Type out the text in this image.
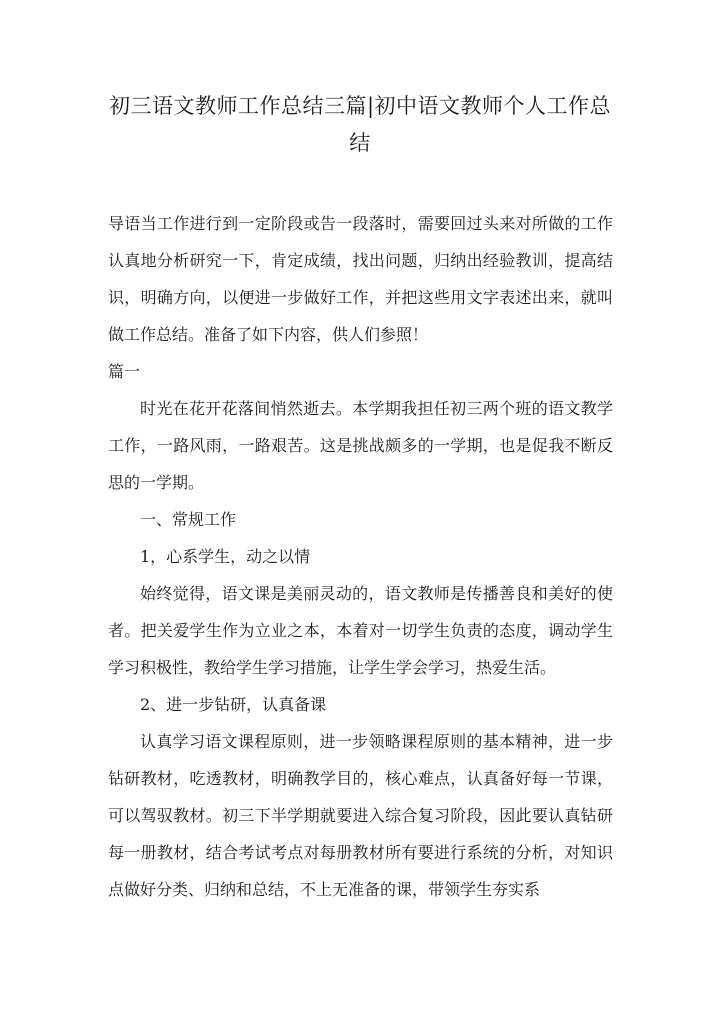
初三语文教师工作总结三篇|初中语文教师个人工作总结

导语当工作进行到一定阶段或告一段落时，需要回过头来对所做的工作认真地分析研究一下，肯定成绩，找出问题，归纳出经验教训，提高结识，明确方向，以便进一步做好工作，并把这些用文字表述出来，就叫做工作总结。准备了如下内容，供人们参照！

篇一

时光在花开花落间悄然逝去。本学期我担任初三两个班的语文教学工作，一路风雨，一路艰苦。这是挑战颇多的一学期，也是促我不断反思的一学期。

一、常规工作

1，心系学生，动之以情

始终觉得，语文课是美丽灵动的，语文教师是传播善良和美好的使者。把关爱学生作为立业之本，本着对一切学生负责的态度，调动学生学习积极性，教给学生学习措施，让学生学会学习，热爱生活。

2、进一步钻研，认真备课

认真学习语文课程原则，进一步领略课程原则的基本精神，进一步钻研教材，吃透教材，明确教学目的，核心难点，认真备好每一节课，可以驾驭教材。初三下半学期就要进入综合复习阶段，因此要认真钻研每一册教材，结合考试考点对每册教材所有要进行系统的分析，对知识点做好分类、归纳和总结，不上无准备的课，带领学生夯实系
